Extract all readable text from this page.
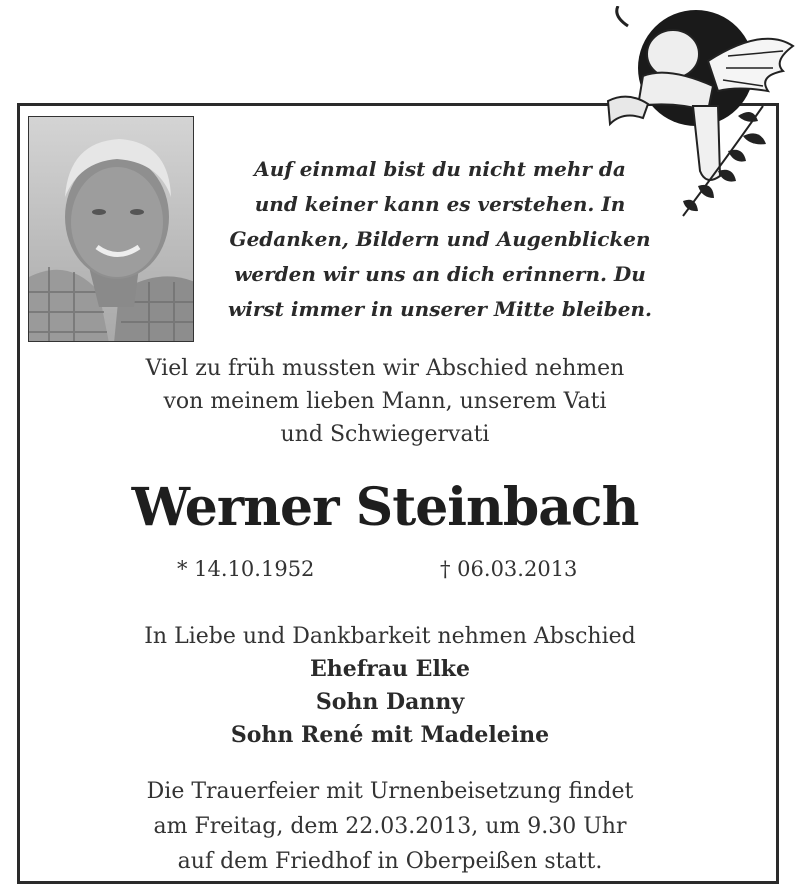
Auf einmal bist du nicht mehr da
und keiner kann es verstehen. In
Gedanken, Bildern und Augenblicken
werden wir uns an dich erinnern. Du
wirst immer in unserer Mitte bleiben.
Viel zu früh mussten wir Abschied nehmen
von meinem lieben Mann, unserem Vati
und Schwiegervati
Werner Steinbach
* 14.10.1952	† 06.03.2013
In Liebe und Dankbarkeit nehmen Abschied
Ehefrau Elke
Sohn Danny
Sohn René mit Madeleine
Die Trauerfeier mit Urnenbeisetzung findet
am Freitag, dem 22.03.2013, um 9.30 Uhr
auf dem Friedhof in Oberpeißen statt.
